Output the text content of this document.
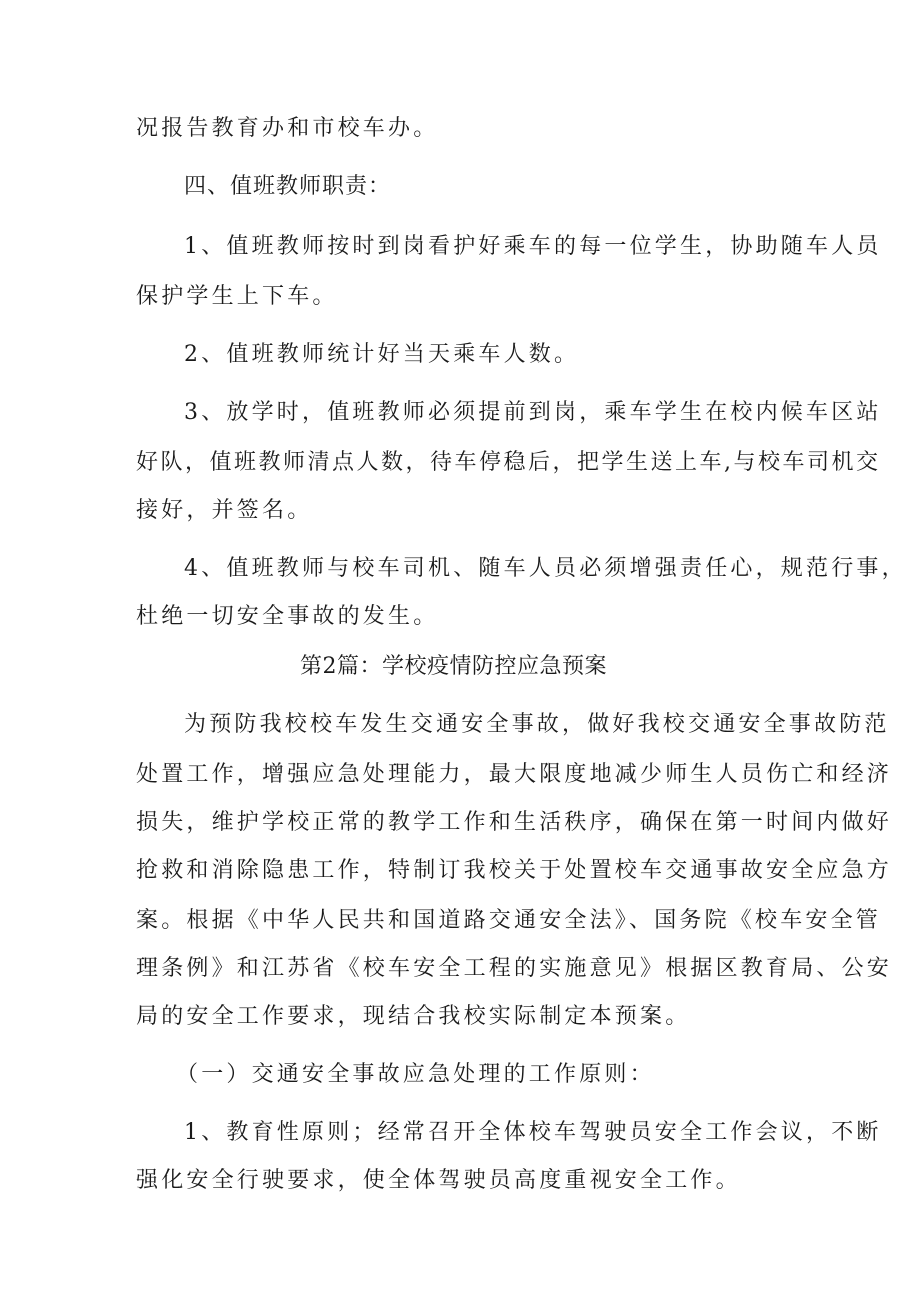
况报告教育办和市校车办。

四、值班教师职责：

1、值班教师按时到岗看护好乘车的每一位学生，协助随车人员

保护学生上下车。

2、值班教师统计好当天乘车人数。

3、放学时，值班教师必须提前到岗，乘车学生在校内候车区站

好队，值班教师清点人数，待车停稳后，把学生送上车,与校车司机交

接好，并签名。

4、值班教师与校车司机、随车人员必须增强责任心，规范行事，

杜绝一切安全事故的发生。

第2篇：学校疫情防控应急预案

为预防我校校车发生交通安全事故，做好我校交通安全事故防范

处置工作，增强应急处理能力，最大限度地减少师生人员伤亡和经济

损失，维护学校正常的教学工作和生活秩序，确保在第一时间内做好

抢救和消除隐患工作，特制订我校关于处置校车交通事故安全应急方

案。根据《中华人民共和国道路交通安全法》、国务院《校车安全管

理条例》和江苏省《校车安全工程的实施意见》根据区教育局、公安

局的安全工作要求，现结合我校实际制定本预案。

（一）交通安全事故应急处理的工作原则：

1、教育性原则；经常召开全体校车驾驶员安全工作会议，不断

强化安全行驶要求，使全体驾驶员高度重视安全工作。
